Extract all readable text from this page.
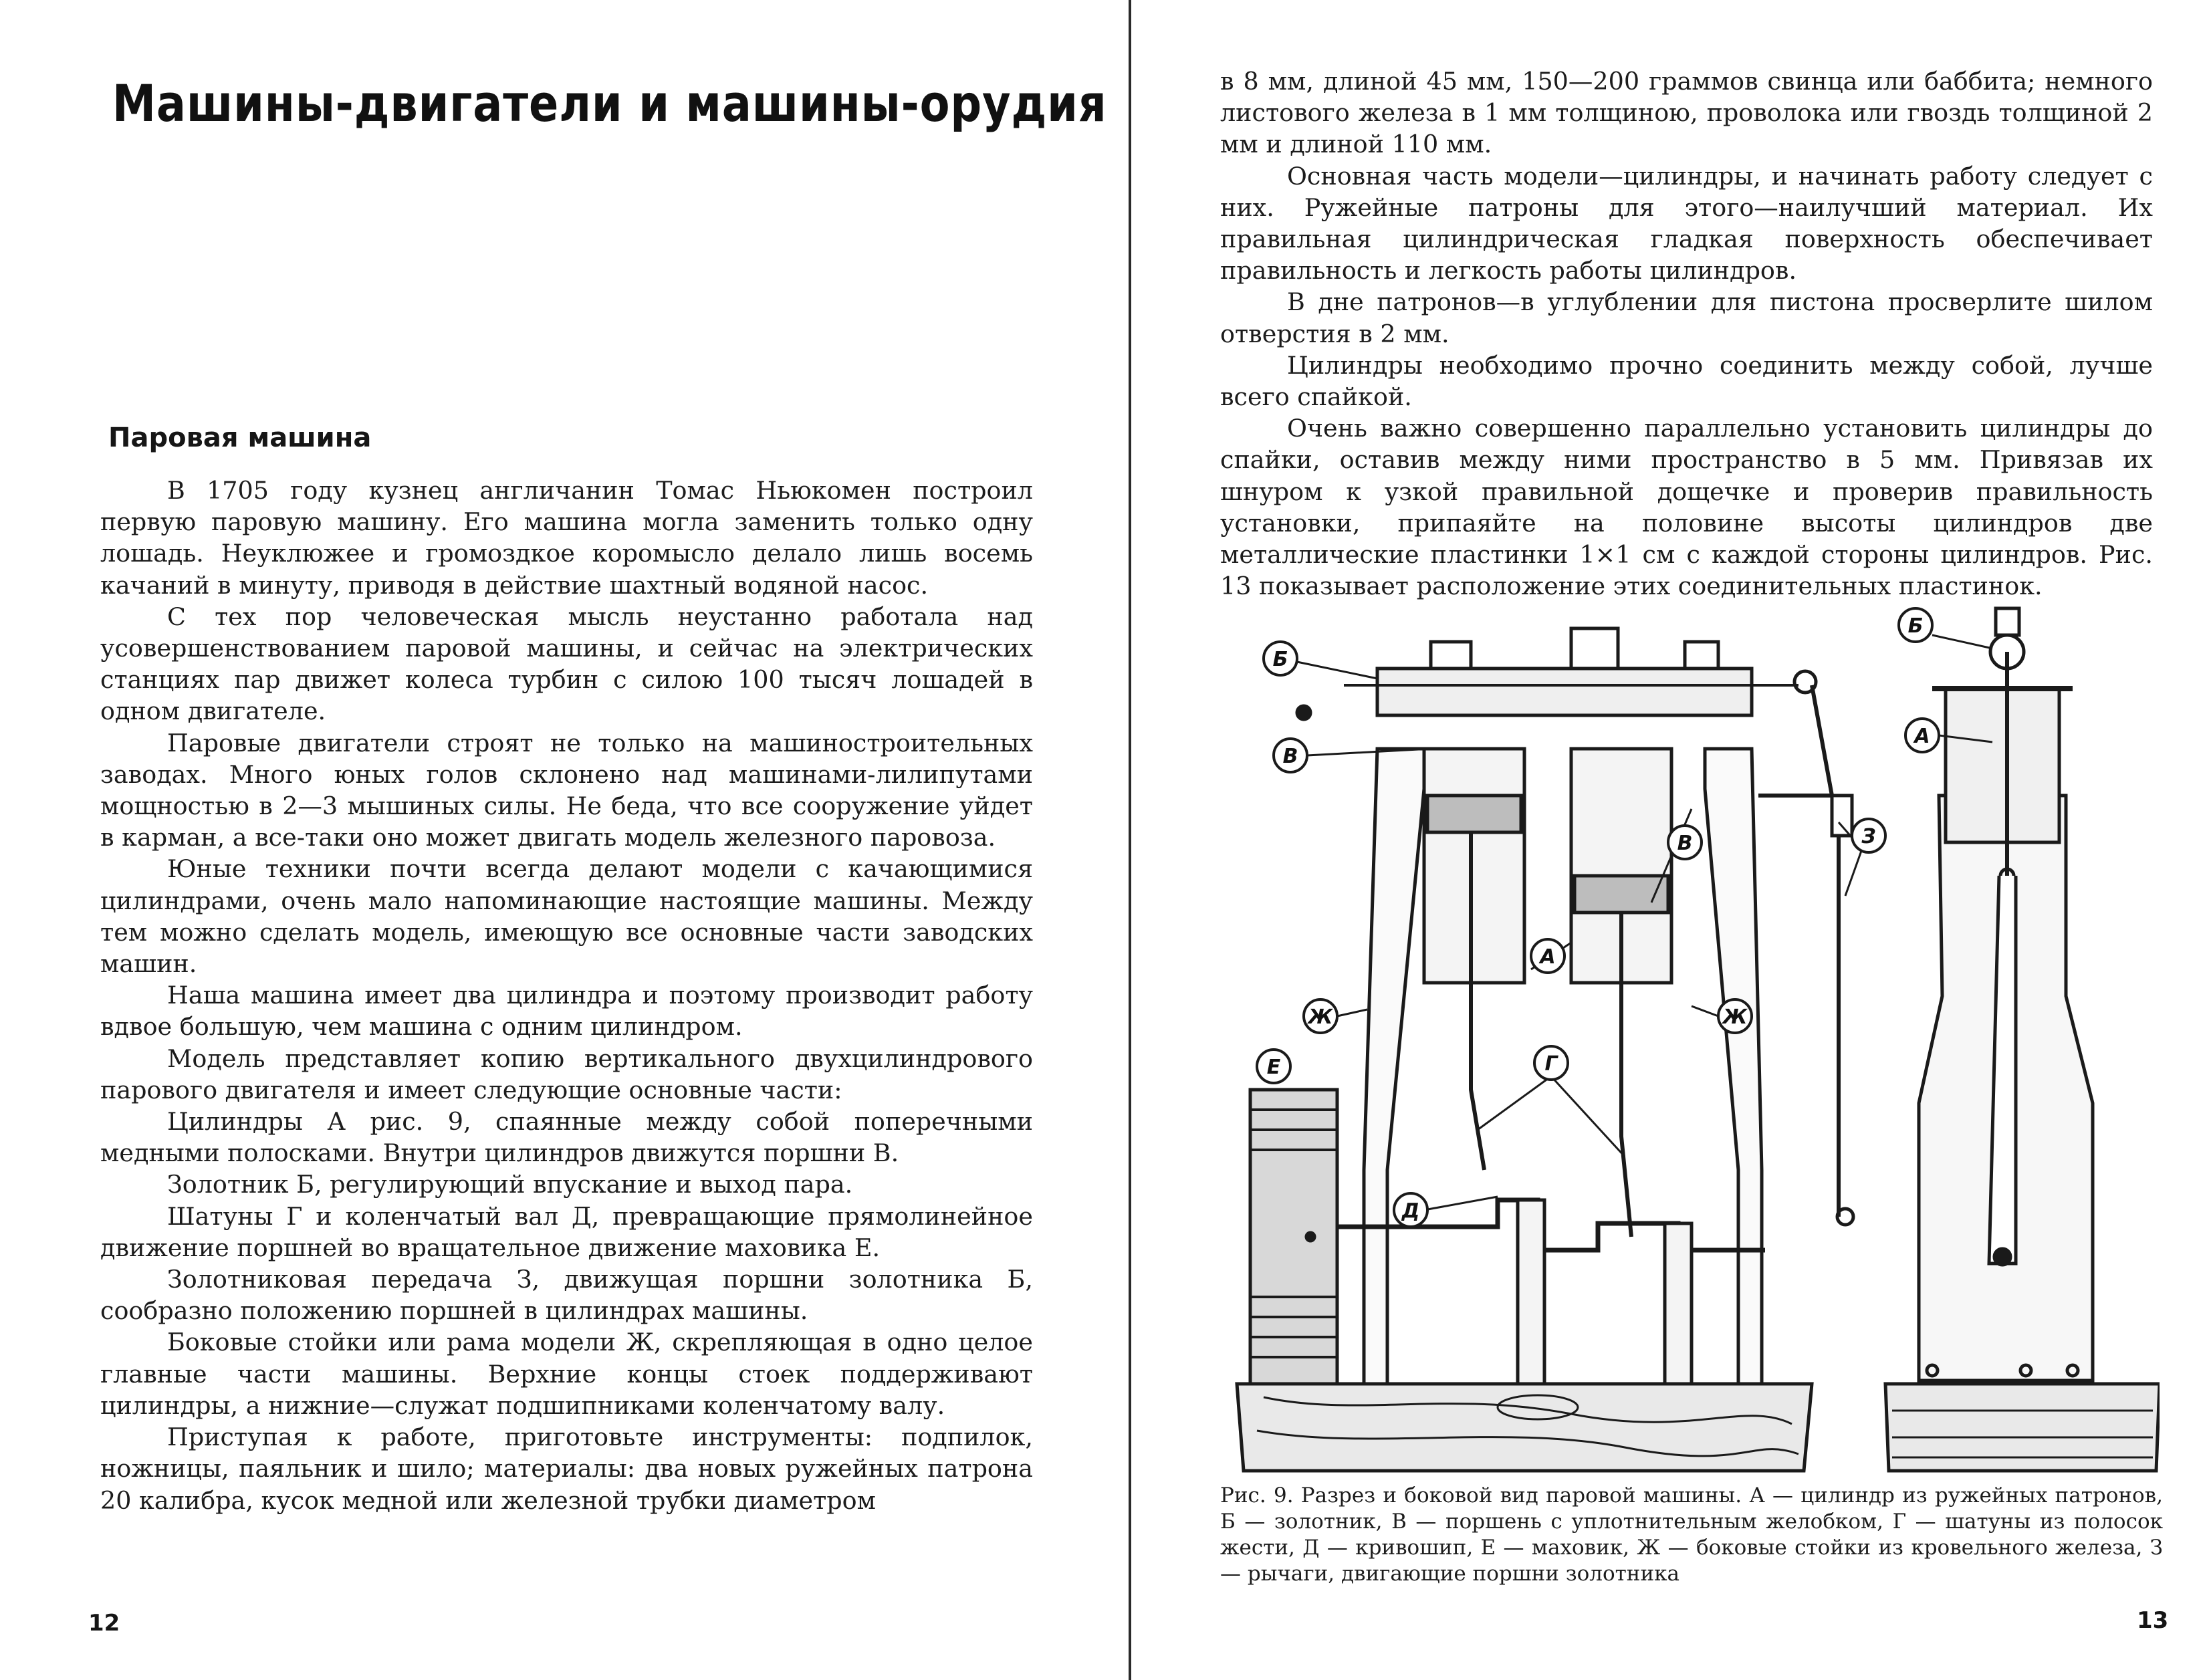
Машины-двигатели и машины-орудия
Паровая машина

В 1705 году кузнец англичанин Томас Ньюкомен построил первую паровую машину. Его машина могла заменить только одну лошадь. Неуклюжее и громоздкое коромысло делало лишь восемь качаний в минуту, приводя в действие шахтный водяной насос.

С тех пор человеческая мысль неустанно работала над усовершенствованием паровой машины, и сейчас на электрических станциях пар движет колеса турбин с силою 100 тысяч лошадей в одном двигателе.

Паровые двигатели строят не только на машиностроительных заводах. Много юных голов склонено над машинами-лилипутами мощностью в 2—3 мышиных силы. Не беда, что все сооружение уйдет в карман, а все-таки оно может двигать модель железного паровоза.

Юные техники почти всегда делают модели с качающимися цилиндрами, очень мало напоминающие настоящие машины. Между тем можно сделать модель, имеющую все основные части заводских машин.

Наша машина имеет два цилиндра и поэтому производит работу вдвое большую, чем машина с одним цилиндром.

Модель представляет копию вертикального двухцилиндрового парового двигателя и имеет следующие основные части:

Цилиндры А рис. 9, спаянные между собой поперечными медными полосками. Внутри цилиндров движутся поршни В.

Золотник Б, регулирующий впускание и выход пара.

Шатуны Г и коленчатый вал Д, превращающие прямолинейное движение поршней во вращательное движение маховика Е.

Золотниковая передача З, движущая поршни золотника Б, сообразно положению поршней в цилиндрах машины.

Боковые стойки или рама модели Ж, скрепляющая в одно целое главные части машины. Верхние концы стоек поддерживают цилиндры, а нижние—служат подшипниками коленчатому валу.

Приступая к работе, приготовьте инструменты: подпилок, ножницы, паяльник и шило; материалы: два новых ружейных патрона 20 калибра, кусок медной или железной трубки диаметром

12

в 8 мм, длиной 45 мм, 150—200 граммов свинца или баббита; немного листового железа в 1 мм толщиною, проволока или гвоздь толщиной 2 мм и длиной 110 мм.

Основная часть модели—цилиндры, и начинать работу следует с них. Ружейные патроны для этого—наилучший материал. Их правильная цилиндрическая гладкая поверхность обеспечивает правильность и легкость работы цилиндров.

В дне патронов—в углублении для пистона просверлите шилом отверстия в 2 мм.

Цилиндры необходимо прочно соединить между собой, лучше всего спайкой.

Очень важно совершенно параллельно установить цилиндры до спайки, оставив между ними пространство в 5 мм. Привязав их шнуром к узкой правильной дощечке и проверив правильность установки, припаяйте на половине высоты цилиндров две металлические пластинки 1×1 см с каждой стороны цилиндров. Рис. 13 показывает расположение этих соединительных пластинок.

Б
В
В	З
А
Ж	Ж
Г
Е
Д
Б
А
Рис. 9. Разрез и боковой вид паровой машины. А — цилиндр из ружейных патронов, Б — золотник, В — поршень с уплотнительным желобком, Г — шатуны из полосок жести, Д — кривошип, Е — маховик, Ж — боковые стойки из кровельного железа, З — рычаги, двигающие поршни золотника
13
